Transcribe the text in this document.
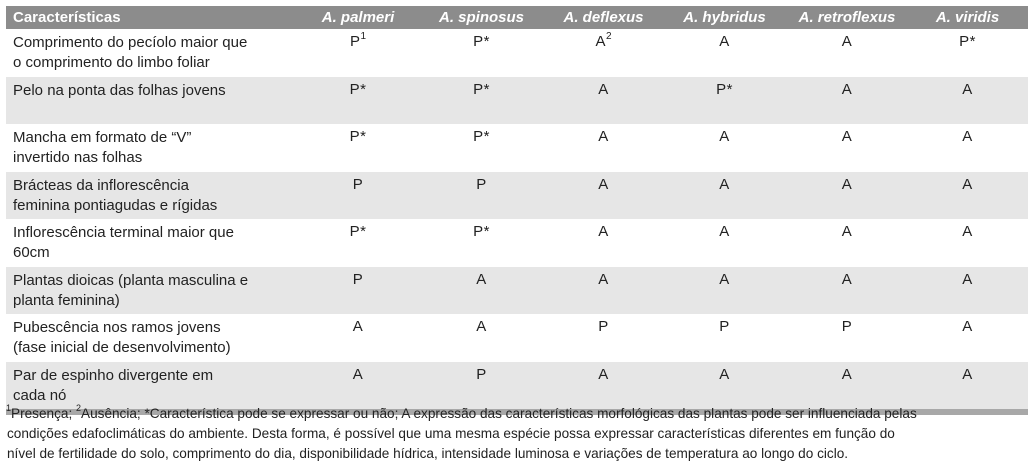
Características	A. palmeri	A. spinosus	A. deflexus	A. hybridus	A. retroflexus	A. viridis
Comprimento do pecíolo maior que
o comprimento do limbo foliar
$P^1$	P*	$A^2$	A	A	P*
Pelo na ponta das folhas jovens	P*	P*	A	P*	A	A
Mancha em formato de “V”
invertido nas folhas
P*	P*	A	A	A	A
Brácteas da inflorescência
feminina pontiagudas e rígidas
P	P	A	A	A	A
Inflorescência terminal maior que
60cm
P*	P*	A	A	A	A
Plantas dioicas (planta masculina e
planta feminina)
P	A	A	A	A	A
Pubescência nos ramos jovens
(fase inicial de desenvolvimento)
A	A	P	P	P	A
Par de espinho divergente em
cada nó
A	P	A	A	A	A
$^1$Presença; $^2$Ausência; *Característica pode se expressar ou não; A expressão das características morfológicas das plantas pode ser influenciada pelas
condições edafoclimáticas do ambiente. Desta forma, é possível que uma mesma espécie possa expressar características diferentes em função do
nível de fertilidade do solo, comprimento do dia, disponibilidade hídrica, intensidade luminosa e variações de temperatura ao longo do ciclo.
